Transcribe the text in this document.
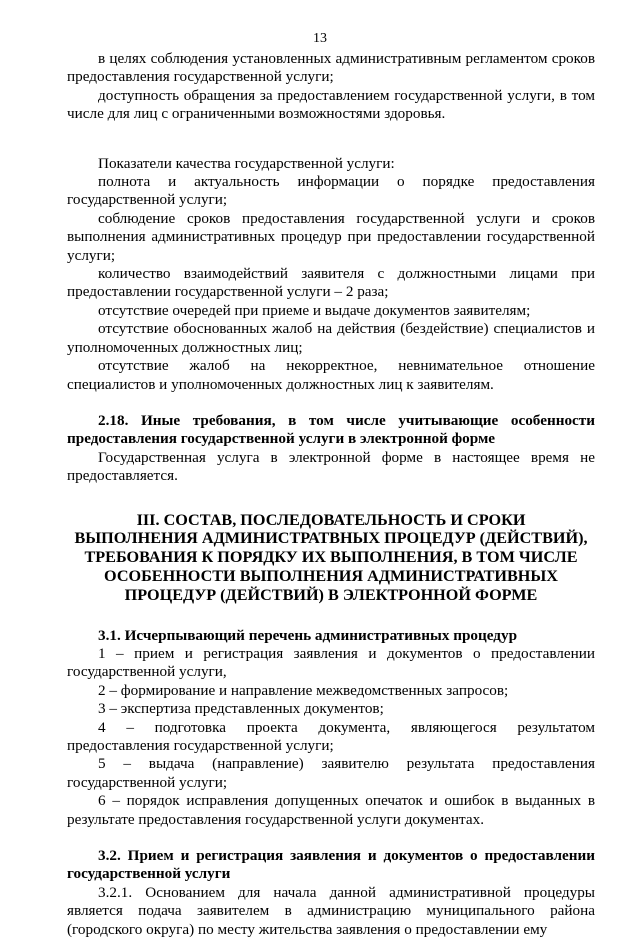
13

в целях соблюдения установленных административным регламентом сроков предоставления государственной услуги;

доступность обращения за предоставлением государственной услуги, в том числе для лиц с ограниченными возможностями здоровья.

Показатели качества государственной услуги:

полнота и актуальность информации о порядке предоставления государственной услуги;

соблюдение сроков предоставления государственной услуги и сроков выполнения административных процедур при предоставлении государственной услуги;

количество взаимодействий заявителя с должностными лицами при предоставлении государственной услуги – 2 раза;

отсутствие очередей при приеме и выдаче документов заявителям;

отсутствие обоснованных жалоб на действия (бездействие) специалистов и уполномоченных должностных лиц;

отсутствие жалоб на некорректное, невнимательное отношение специалистов и уполномоченных должностных лиц к заявителям.

2.18. Иные требования, в том числе учитывающие особенности предоставления государственной услуги в электронной форме

Государственная услуга в электронной форме в настоящее время не предоставляется.

III. СОСТАВ, ПОСЛЕДОВАТЕЛЬНОСТЬ И СРОКИ ВЫПОЛНЕНИЯ АДМИНИСТРАТВНЫХ ПРОЦЕДУР (ДЕЙСТВИЙ), ТРЕБОВАНИЯ К ПОРЯДКУ ИХ ВЫПОЛНЕНИЯ, В ТОМ ЧИСЛЕ ОСОБЕННОСТИ ВЫПОЛНЕНИЯ АДМИНИСТРАТИВНЫХ ПРОЦЕДУР (ДЕЙСТВИЙ) В ЭЛЕКТРОННОЙ ФОРМЕ

3.1. Исчерпывающий перечень административных процедур

1 – прием и регистрация заявления и документов о предоставлении государственной услуги,

2 – формирование и направление межведомственных запросов;

3 – экспертиза представленных документов;

4 – подготовка проекта документа, являющегося результатом предоставления государственной услуги;

5 – выдача (направление) заявителю результата предоставления государственной услуги;

6 – порядок исправления допущенных опечаток и ошибок в выданных в результате предоставления государственной услуги документах.

3.2. Прием и регистрация заявления и документов о предоставлении государственной услуги

3.2.1. Основанием для начала данной административной процедуры является подача заявителем в администрацию муниципального района (городского округа) по месту жительства заявления о предоставлении ему
